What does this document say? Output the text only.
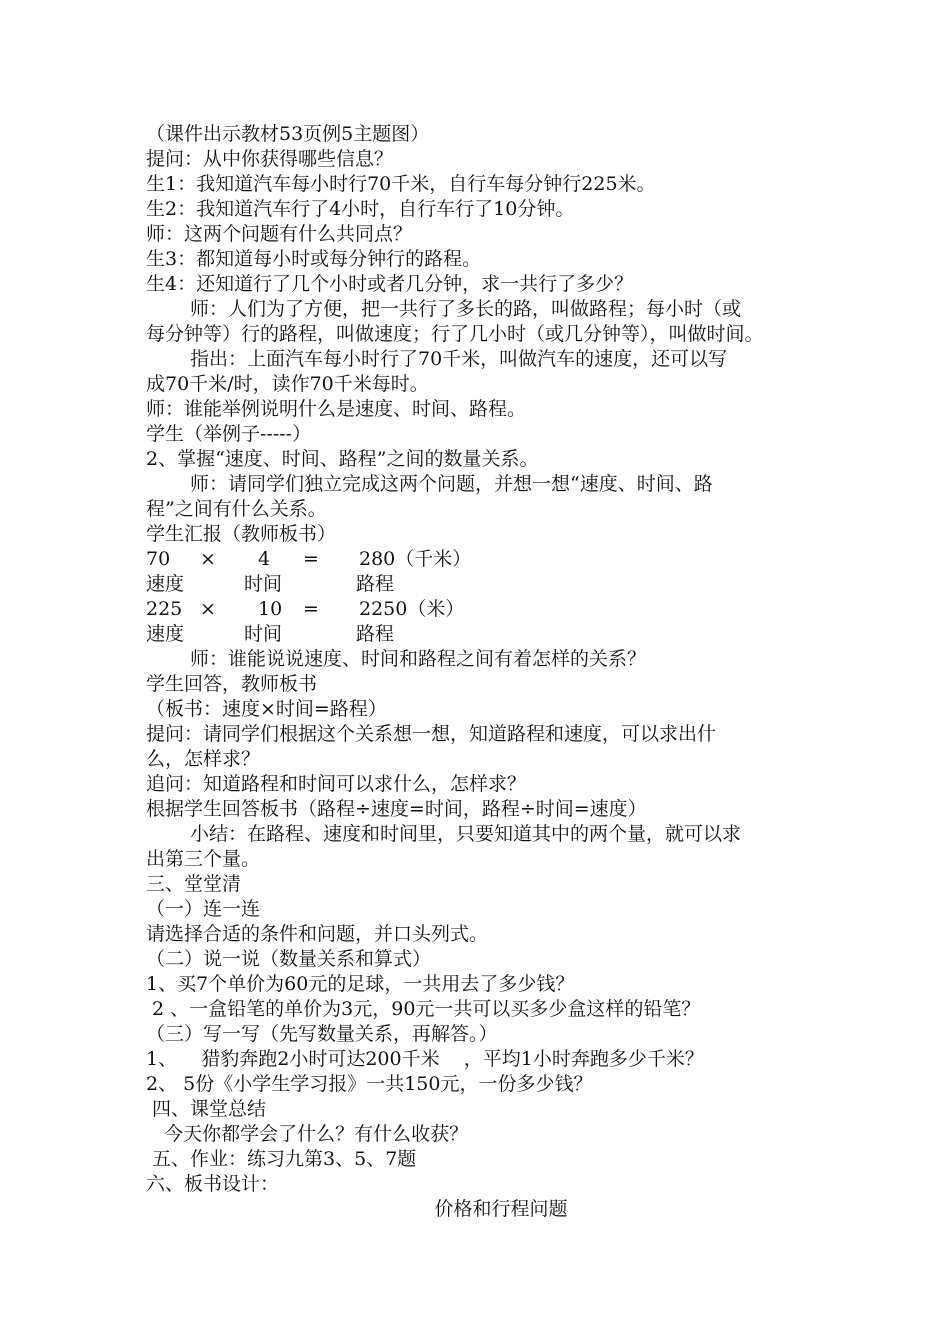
（课件出示教材53页例5主题图）
提问：从中你获得哪些信息？
生1：我知道汽车每小时行70千米，自行车每分钟行225米。
生2：我知道汽车行了4小时，自行车行了10分钟。
师：这两个问题有什么共同点？
生3：都知道每小时或每分钟行的路程。
生4：还知道行了几个小时或者几分钟，求一共行了多少？
师：人们为了方便，把一共行了多长的路，叫做路程；每小时（或
每分钟等）行的路程，叫做速度；行了几小时（或几分钟等），叫做时间。
指出：上面汽车每小时行了70千米，叫做汽车的速度，还可以写
成70千米/时，读作70千米每时。
师：谁能举例说明什么是速度、时间、路程。
学生（举例子-----）
2、掌握“速度、时间、路程”之间的数量关系。
师：请同学们独立完成这两个问题，并想一想“速度、时间、路
程”之间有什么关系。
学生汇报（教师板书）
70	×	4	=	280（千米）
速度	时间	路程
225 ×	10	=	2250（米）
速度	时间	路程
师：谁能说说速度、时间和路程之间有着怎样的关系？
学生回答，教师板书
（板书：速度×时间=路程）
提问：请同学们根据这个关系想一想，知道路程和速度，可以求出什
么，怎样求？
追问：知道路程和时间可以求什么，怎样求？
根据学生回答板书（路程÷速度=时间，路程÷时间=速度）
小结：在路程、速度和时间里，只要知道其中的两个量，就可以求
出第三个量。
三、堂堂清
（一）连一连
请选择合适的条件和问题，并口头列式。
（二）说一说（数量关系和算式）
1、买7个单价为60元的足球，一共用去了多少钱？
2 、一盒铅笔的单价为3元，90元一共可以买多少盒这样的铅笔？
（三）写一写（先写数量关系，再解答。）
1、    猎豹奔跑2小时可达200千米    ，平均1小时奔跑多少千米？
2、 5份《小学生学习报》一共150元，一份多少钱？
四、课堂总结
今天你都学会了什么？有什么收获？
五、作业：练习九第3、5、7题
六、板书设计：
价格和行程问题
